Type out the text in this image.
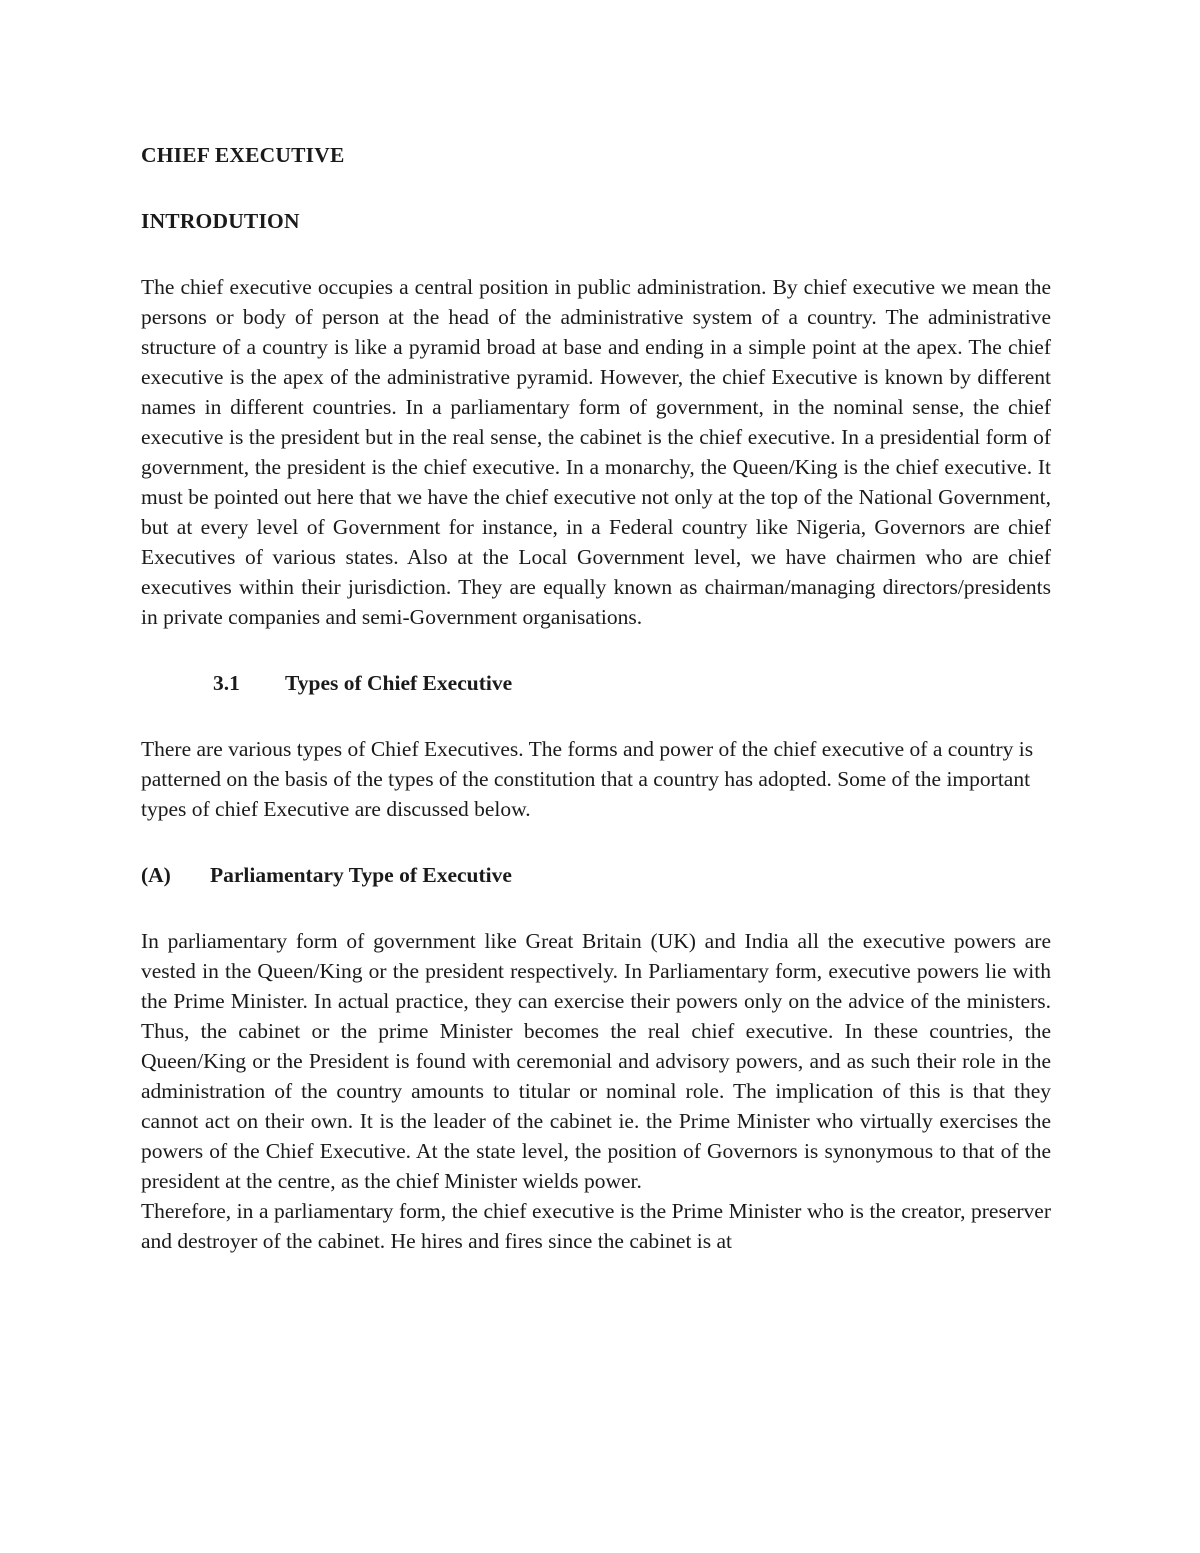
CHIEF EXECUTIVE
INTRODUTION

The chief executive occupies a central position in public administration. By chief executive we mean the persons or body of person at the head of the administrative system of a country. The administrative structure of a country is like a pyramid broad at base and ending in a simple point at the apex. The chief executive is the apex of the administrative pyramid. However, the chief Executive is known by different names in different countries. In a parliamentary form of government, in the nominal sense, the chief executive is the president but in the real sense, the cabinet is the chief executive. In a presidential form of government, the president is the chief executive. In a monarchy, the Queen/King is the chief executive. It must be pointed out here that we have the chief executive not only at the top of the National Government, but at every level of Government for instance, in a Federal country like Nigeria, Governors are chief Executives of various states. Also at the Local Government level, we have chairmen who are chief executives within their jurisdiction. They are equally known as chairman/managing directors/presidents in private companies and semi-Government organisations.

3.1	Types of Chief Executive

There are various types of Chief Executives. The forms and power of the chief executive of a country is patterned on the basis of the types of the constitution that a country has adopted. Some of the important types of chief Executive are discussed below.

(A)	Parliamentary Type of Executive

In parliamentary form of government like Great Britain (UK) and India all the executive powers are vested in the Queen/King or the president respectively. In Parliamentary form, executive powers lie with the Prime Minister. In actual practice, they can exercise their powers only on the advice of the ministers. Thus, the cabinet or the prime Minister becomes the real chief executive. In these countries, the Queen/King or the President is found with ceremonial and advisory powers, and as such their role in the administration of the country amounts to titular or nominal role. The implication of this is that they cannot act on their own. It is the leader of the cabinet ie. the Prime Minister who virtually exercises the powers of the Chief Executive. At the state level, the position of Governors is synonymous to that of the president at the centre, as the chief Minister wields power.

Therefore, in a parliamentary form, the chief executive is the Prime Minister who is the creator, preserver and destroyer of the cabinet. He hires and fires since the cabinet is at
